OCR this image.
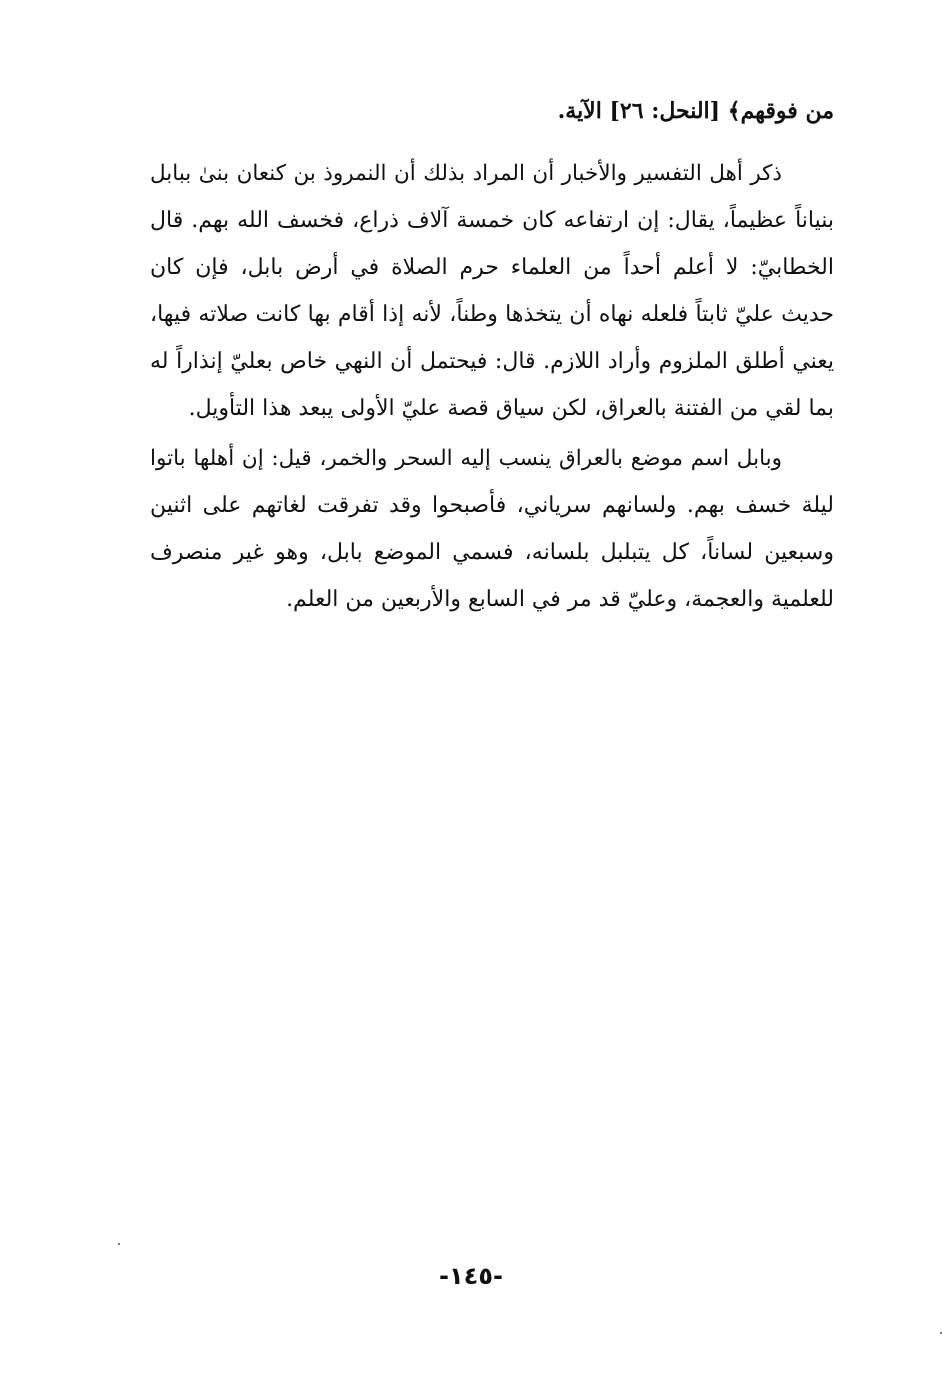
من فوقهم﴾ [النحل: ٢٦] الآية.
ذكر أهل التفسير والأخبار أن المراد بذلك أن النمروذ بن كنعان بنىٰ ببابل
بنياناً عظيماً، يقال: إن ارتفاعه كان خمسة آلاف ذراع، فخسف الله بهم. قال
الخطابيّ: لا أعلم أحداً من العلماء حرم الصلاة في أرض بابل، فإن كان
حديث عليّ ثابتاً فلعله نهاه أن يتخذها وطناً، لأنه إذا أقام بها كانت صلاته فيها،
يعني أطلق الملزوم وأراد اللازم. قال: فيحتمل أن النهي خاص بعليّ إنذاراً له
بما لقي من الفتنة بالعراق، لكن سياق قصة عليّ الأولى يبعد هذا التأويل.
وبابل اسم موضع بالعراق ينسب إليه السحر والخمر، قيل: إن أهلها باتوا
ليلة خسف بهم. ولسانهم سرياني، فأصبحوا وقد تفرقت لغاتهم على اثنين
وسبعين لساناً، كل يتبلبل بلسانه، فسمي الموضع بابل، وهو غير منصرف
للعلمية والعجمة، وعليّ قد مر في السابع والأربعين من العلم.
-١٤٥-
